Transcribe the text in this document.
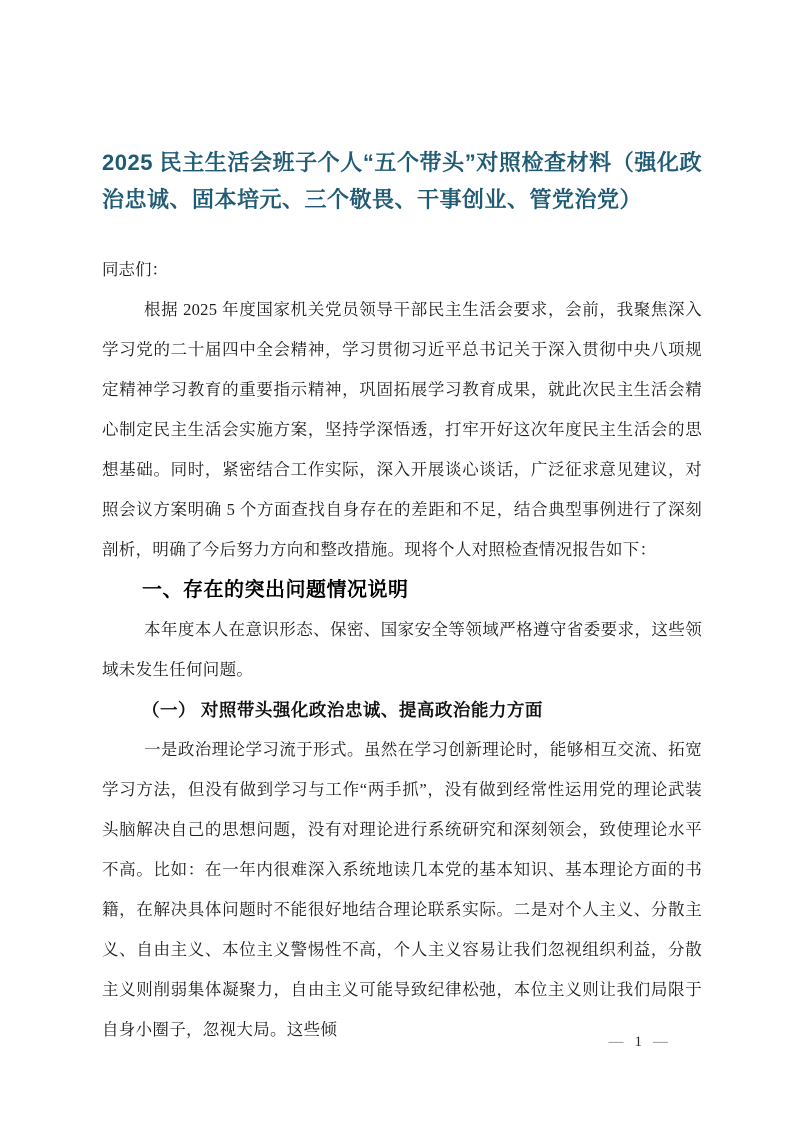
2025 民主生活会班子个人“五个带头”对照检查材料（强化政治忠诚、固本培元、三个敬畏、干事创业、管党治党）

同志们：

根据 2025 年度国家机关党员领导干部民主生活会要求，会前，我聚焦深入学习党的二十届四中全会精神，学习贯彻习近平总书记关于深入贯彻中央八项规定精神学习教育的重要指示精神，巩固拓展学习教育成果，就此次民主生活会精心制定民主生活会实施方案，坚持学深悟透，打牢开好这次年度民主生活会的思想基础。同时，紧密结合工作实际，深入开展谈心谈话，广泛征求意见建议，对照会议方案明确 5 个方面查找自身存在的差距和不足，结合典型事例进行了深刻剖析，明确了今后努力方向和整改措施。现将个人对照检查情况报告如下：

一、存在的突出问题情况说明

本年度本人在意识形态、保密、国家安全等领域严格遵守省委要求，这些领域未发生任何问题。

（一） 对照带头强化政治忠诚、提高政治能力方面

一是政治理论学习流于形式。虽然在学习创新理论时，能够相互交流、拓宽学习方法，但没有做到学习与工作“两手抓”，没有做到经常性运用党的理论武装头脑解决自己的思想问题，没有对理论进行系统研究和深刻领会，致使理论水平不高。比如：在一年内很难深入系统地读几本党的基本知识、基本理论方面的书籍，在解决具体问题时不能很好地结合理论联系实际。二是对个人主义、分散主义、自由主义、本位主义警惕性不高，个人主义容易让我们忽视组织利益，分散主义则削弱集体凝聚力，自由主义可能导致纪律松弛，本位主义则让我们局限于自身小圈子，忽视大局。这些倾

— 1 —
